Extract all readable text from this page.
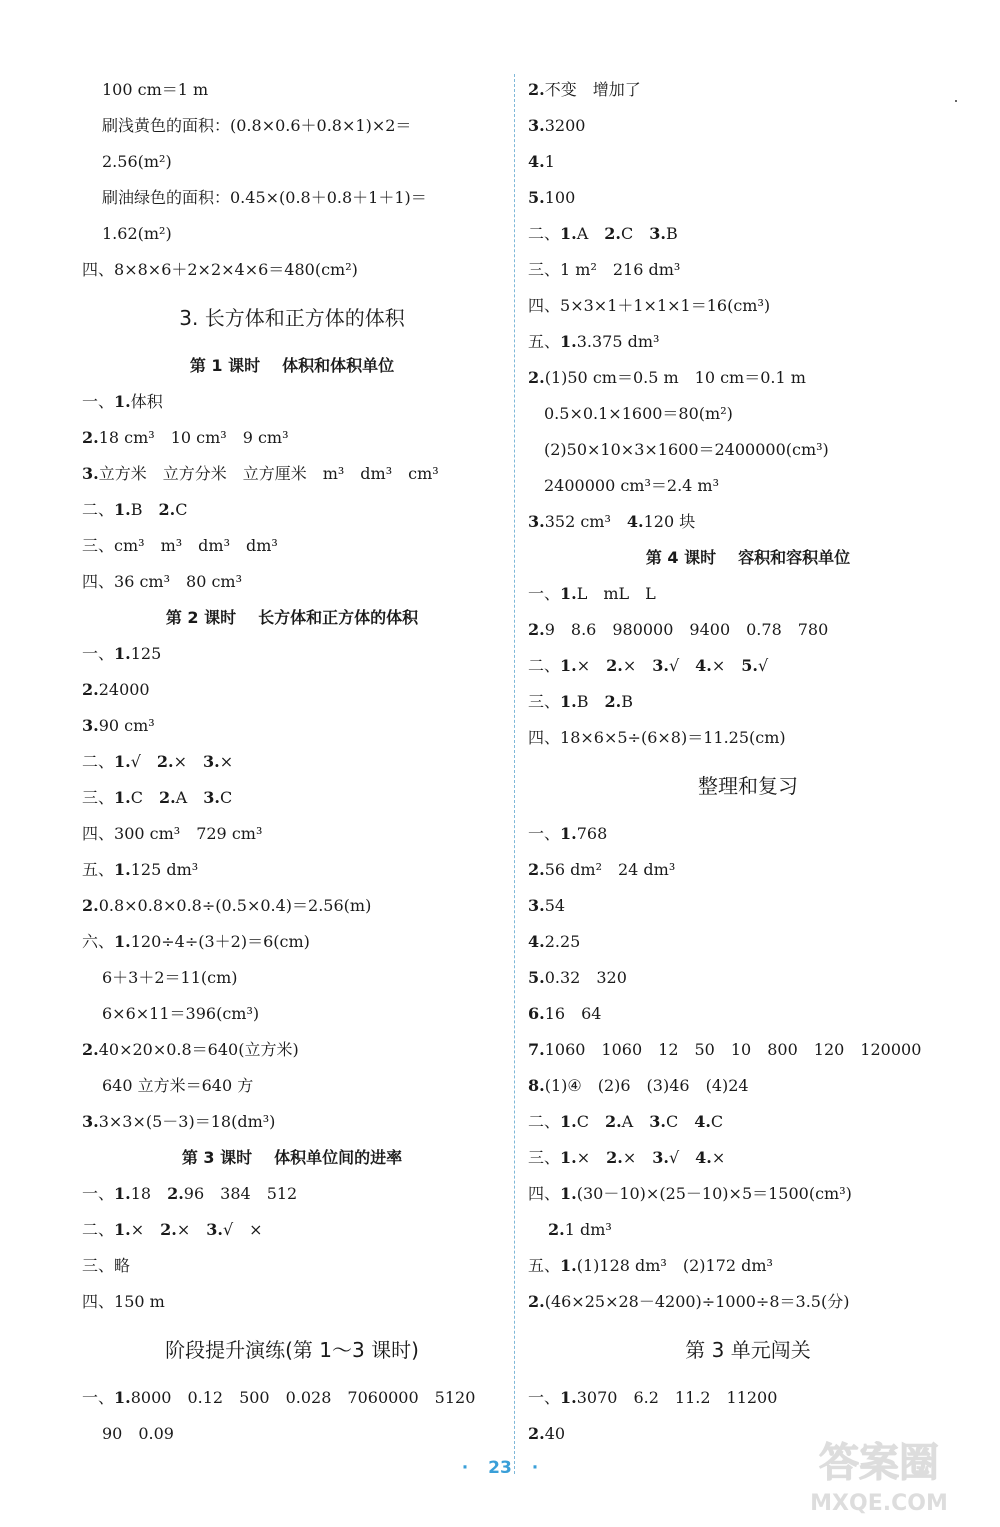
100 cm＝1 m
刷浅黄色的面积：(0.8×0.6＋0.8×1)×2＝
2.56(m²)
刷油绿色的面积：0.45×(0.8＋0.8＋1＋1)＝
1.62(m²)
四、8×8×6＋2×2×4×6＝480(cm²)
3. 长方体和正方体的体积
第 1 课时 体积和体积单位
一、1.体积
2.18 cm³　10 cm³　9 cm³
3.立方米　立方分米　立方厘米　m³　dm³　cm³
二、1.B　2.C
三、cm³　m³　dm³　dm³
四、36 cm³　80 cm³
第 2 课时 长方体和正方体的体积
一、1.125
2.24000
3.90 cm³
二、1.√　2.×　3.×
三、1.C　2.A　3.C
四、300 cm³　729 cm³
五、1.125 dm³
2.0.8×0.8×0.8÷(0.5×0.4)＝2.56(m)
六、1.120÷4÷(3＋2)＝6(cm)
6＋3＋2＝11(cm)
6×6×11＝396(cm³)
2.40×20×0.8＝640(立方米)
640 立方米＝640 方
3.3×3×(5－3)＝18(dm³)
第 3 课时 体积单位间的进率
一、1.18　2.96　384　512
二、1.×　2.×　3.√　×
三、略
四、150 m
阶段提升演练(第 1～3 课时)
一、1.8000　0.12　500　0.028　7060000　5120
90　0.09
2.不变　增加了
3.3200
4.1
5.100
二、1.A　2.C　3.B
三、1 m²　216 dm³
四、5×3×1＋1×1×1＝16(cm³)
五、1.3.375 dm³
2.(1)50 cm＝0.5 m　10 cm＝0.1 m
0.5×0.1×1600＝80(m²)
(2)50×10×3×1600＝2400000(cm³)
2400000 cm³＝2.4 m³
3.352 cm³　4.120 块
第 4 课时 容积和容积单位
一、1.L　mL　L
2.9　8.6　980000　9400　0.78　780
二、1.×　2.×　3.√　4.×　5.√
三、1.B　2.B
四、18×6×5÷(6×8)＝11.25(cm)
整理和复习
一、1.768
2.56 dm²　24 dm³
3.54
4.2.25
5.0.32　320
6.16　64
7.1060　1060　12　50　10　800　120　120000
8.(1)④　(2)6　(3)46　(4)24
二、1.C　2.A　3.C　4.C
三、1.×　2.×　3.√　4.×
四、1.(30－10)×(25－10)×5＝1500(cm³)
2.1 dm³
五、1.(1)128 dm³　(2)172 dm³
2.(46×25×28－4200)÷1000÷8＝3.5(分)
第 3 单元闯关
一、1.3070　6.2　11.2　11200
2.40
· 23 ·	答案圈
MXQE.COM
